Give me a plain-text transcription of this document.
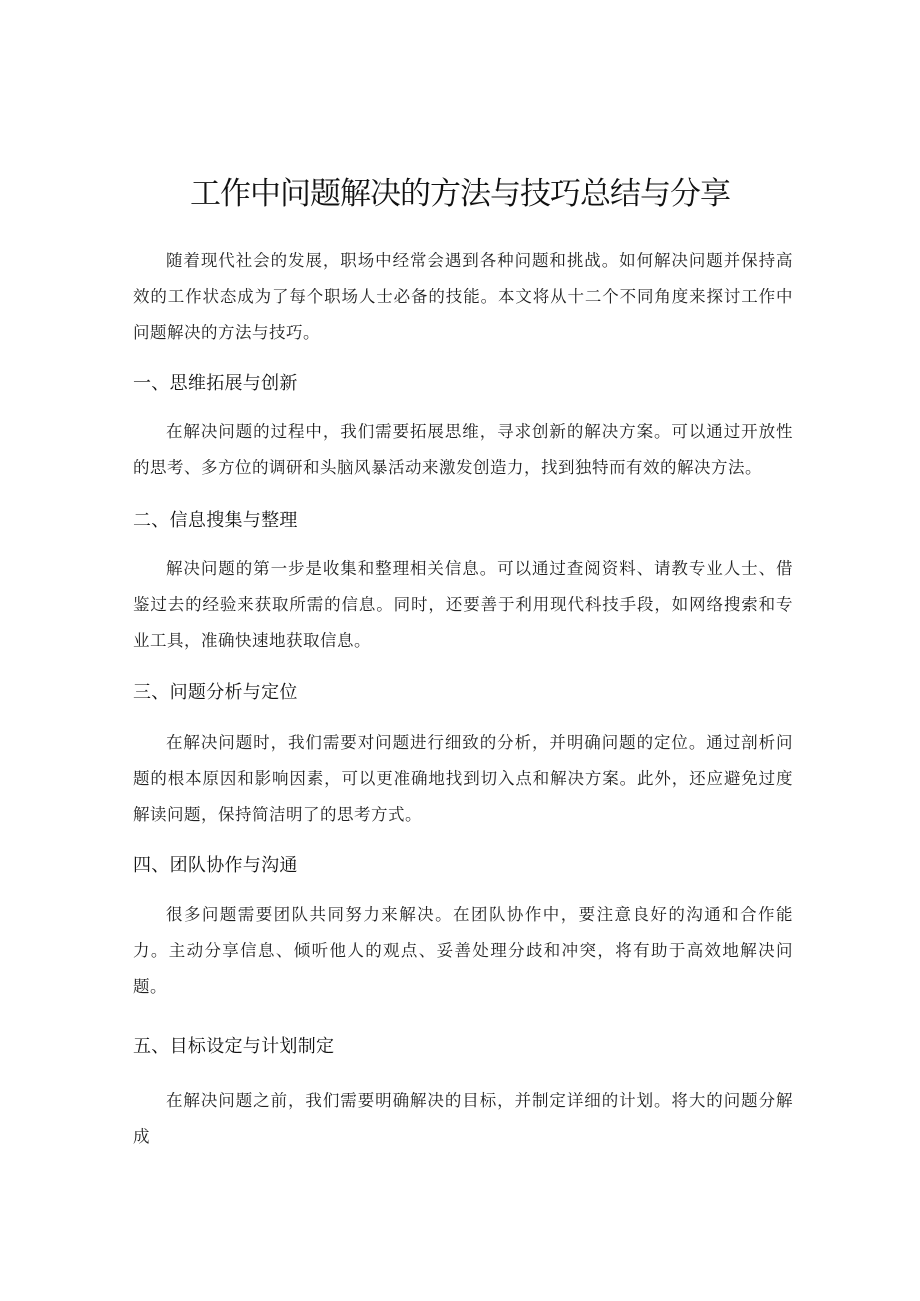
工作中问题解决的方法与技巧总结与分享

随着现代社会的发展，职场中经常会遇到各种问题和挑战。如何解决问题并保持高效的工作状态成为了每个职场人士必备的技能。本文将从十二个不同角度来探讨工作中问题解决的方法与技巧。

一、思维拓展与创新

在解决问题的过程中，我们需要拓展思维，寻求创新的解决方案。可以通过开放性的思考、多方位的调研和头脑风暴活动来激发创造力，找到独特而有效的解决方法。

二、信息搜集与整理

解决问题的第一步是收集和整理相关信息。可以通过查阅资料、请教专业人士、借鉴过去的经验来获取所需的信息。同时，还要善于利用现代科技手段，如网络搜索和专业工具，准确快速地获取信息。

三、问题分析与定位

在解决问题时，我们需要对问题进行细致的分析，并明确问题的定位。通过剖析问题的根本原因和影响因素，可以更准确地找到切入点和解决方案。此外，还应避免过度解读问题，保持简洁明了的思考方式。

四、团队协作与沟通

很多问题需要团队共同努力来解决。在团队协作中，要注意良好的沟通和合作能力。主动分享信息、倾听他人的观点、妥善处理分歧和冲突，将有助于高效地解决问题。

五、目标设定与计划制定

在解决问题之前，我们需要明确解决的目标，并制定详细的计划。将大的问题分解成
